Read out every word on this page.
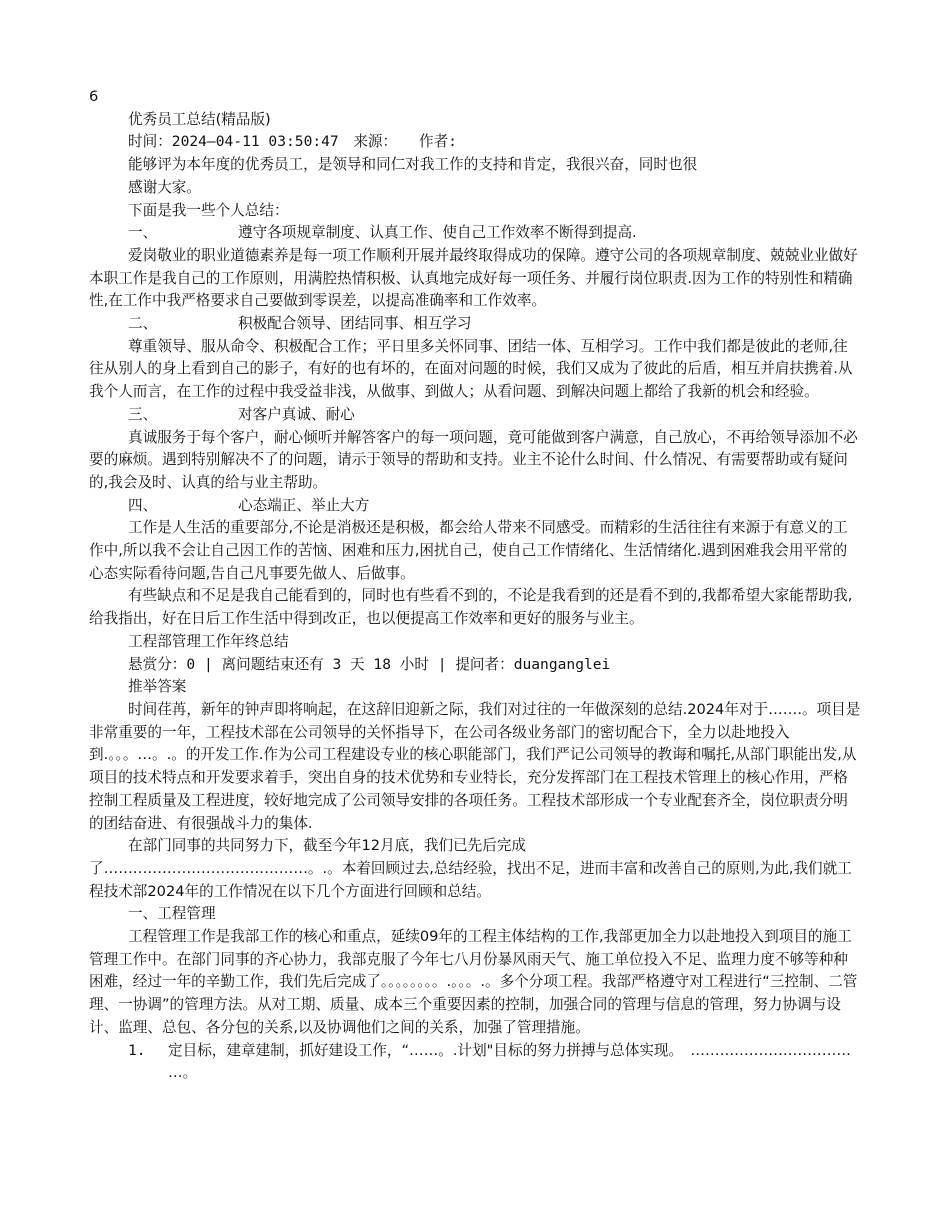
6

优秀员工总结(精品版)

时间：2024—04-11 03:50:47　来源：　　作者:

能够评为本年度的优秀员工，是领导和同仁对我工作的支持和肯定，我很兴奋，同时也很

感谢大家。

下面是我一些个人总结：

一、	遵守各项规章制度、认真工作、使自己工作效率不断得到提高.

爱岗敬业的职业道德素养是每一项工作顺利开展并最终取得成功的保障。遵守公司的各项规章制度、兢兢业业做好本职工作是我自己的工作原则，用满腔热情积极、认真地完成好每一项任务、并履行岗位职责.因为工作的特别性和精确性,在工作中我严格要求自己要做到零误差，以提高准确率和工作效率。

二、	积极配合领导、团结同事、相互学习

尊重领导、服从命令、积极配合工作；平日里多关怀同事、团结一体、互相学习。工作中我们都是彼此的老师,往往从别人的身上看到自己的影子，有好的也有坏的，在面对问题的时候，我们又成为了彼此的后盾，相互并肩扶携着.从我个人而言，在工作的过程中我受益非浅，从做事、到做人；从看问题、到解决问题上都给了我新的机会和经验。

三、	对客户真诚、耐心

真诚服务于每个客户，耐心倾听并解答客户的每一项问题，竟可能做到客户满意，自己放心，不再给领导添加不必要的麻烦。遇到特别解决不了的问题，请示于领导的帮助和支持。业主不论什么时间、什么情况、有需要帮助或有疑问的,我会及时、认真的给与业主帮助。

四、	心态端正、举止大方

工作是人生活的重要部分,不论是消极还是积极，都会给人带来不同感受。而精彩的生活往往有来源于有意义的工作中,所以我不会让自己因工作的苦恼、困难和压力,困扰自己，使自己工作情绪化、生活情绪化.遇到困难我会用平常的心态实际看待问题,告自己凡事要先做人、后做事。

有些缺点和不足是我自己能看到的，同时也有些看不到的，不论是我看到的还是看不到的,我都希望大家能帮助我,给我指出，好在日后工作生活中得到改正，也以便提高工作效率和更好的服务与业主。

工程部管理工作年终总结

悬赏分：0 | 离问题结束还有 3 天 18 小时 | 提问者：duanganglei

推举答案

时间荏苒，新年的钟声即将响起，在这辞旧迎新之际，我们对过往的一年做深刻的总结.2024年对于…….。项目是非常重要的一年，工程技术部在公司领导的关怀指导下，在公司各级业务部门的密切配合下，全力以赴地投入到.。。。…。.。的开发工作.作为公司工程建设专业的核心职能部门，我们严记公司领导的教诲和嘱托,从部门职能出发,从项目的技术特点和开发要求着手，突出自身的技术优势和专业特长，充分发挥部门在工程技术管理上的核心作用，严格控制工程质量及工程进度，较好地完成了公司领导安排的各项任务。工程技术部形成一个专业配套齐全，岗位职责分明的团结奋进、有很强战斗力的集体.

在部门同事的共同努力下，截至今年12月底，我们已先后完成

了……………………………………。.。本着回顾过去,总结经验，找出不足，进而丰富和改善自己的原则,为此,我们就工程技术部2024年的工作情况在以下几个方面进行回顾和总结。

一、工程管理

工程管理工作是我部工作的核心和重点，延续09年的工程主体结构的工作,我部更加全力以赴地投入到项目的施工管理工作中。在部门同事的齐心协力，我部克服了今年七八月份暴风雨天气、施工单位投入不足、监理力度不够等种种困难，经过一年的辛勤工作，我们先后完成了。。。。。。。。.。。。.。多个分项工程。我部严格遵守对工程进行“三控制、二管理、一协调”的管理方法。从对工期、质量、成本三个重要因素的控制，加强合同的管理与信息的管理，努力协调与设计、监理、总包、各分包的关系,以及协调他们之间的关系，加强了管理措施。

1. 定目标，建章建制，抓好建设工作，“……。.计划"目标的努力拼搏与总体实现。　……………………………

…。
